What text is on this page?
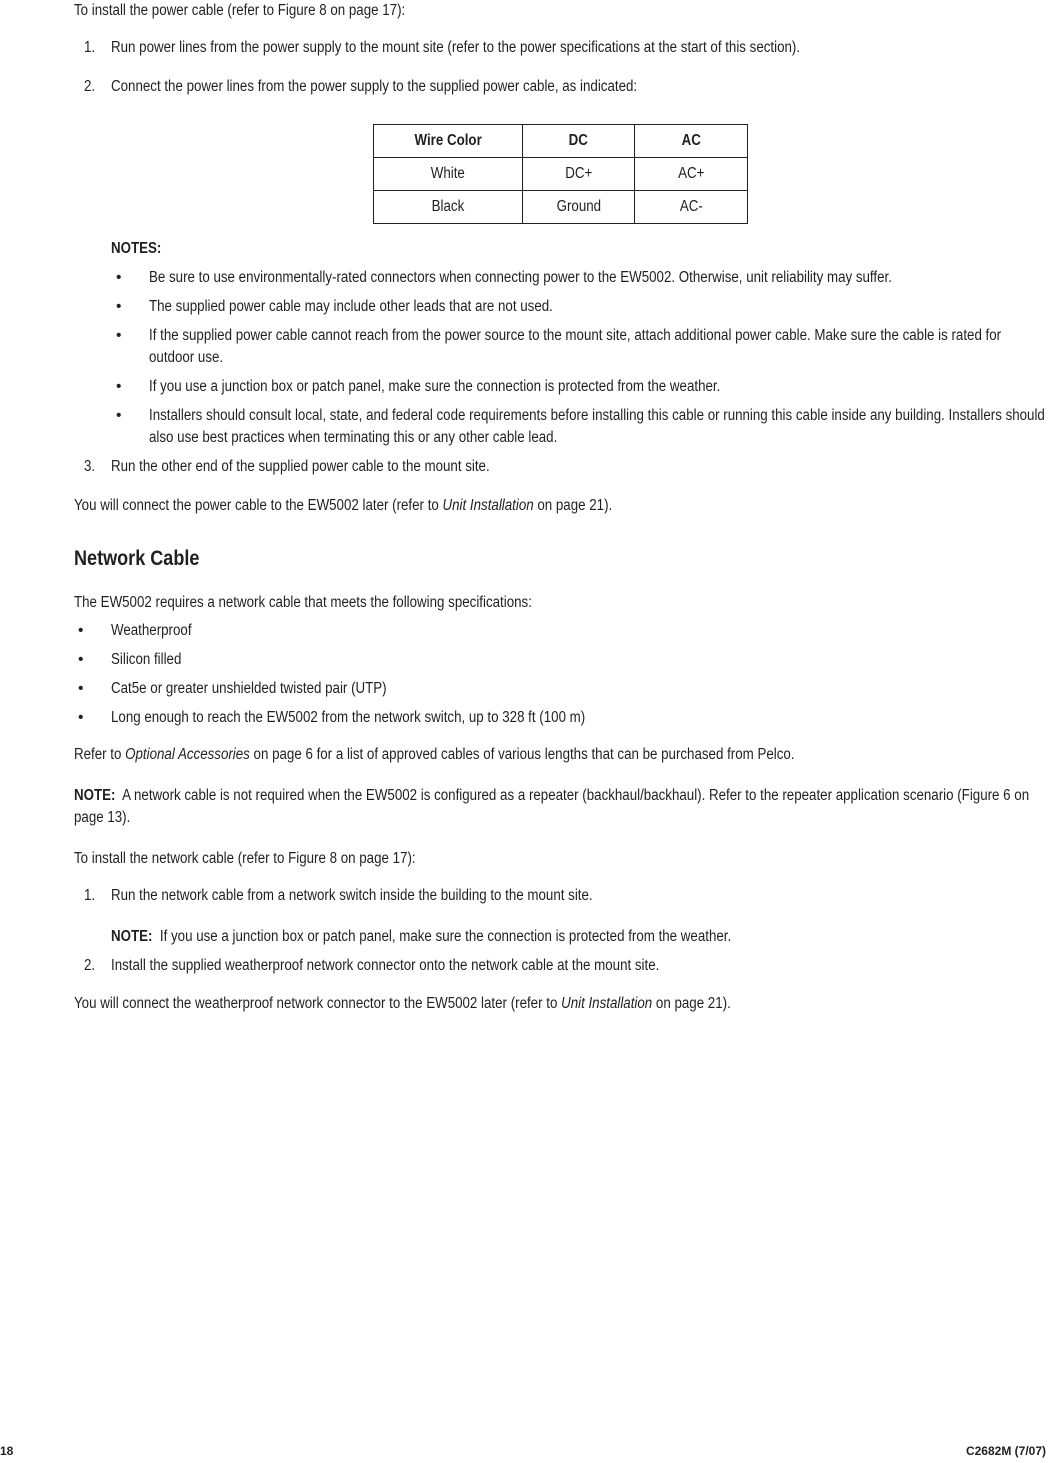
To install the power cable (refer to Figure 8 on page 17):
1. Run power lines from the power supply to the mount site (refer to the power specifications at the start of this section).
2. Connect the power lines from the power supply to the supplied power cable, as indicated:
Wire Color	DC	AC
White	DC+	AC+
Black	Ground	AC-
NOTES:
• Be sure to use environmentally-rated connectors when connecting power to the EW5002. Otherwise, unit reliability may suffer.
• The supplied power cable may include other leads that are not used.
• If the supplied power cable cannot reach from the power source to the mount site, attach additional power cable. Make sure the cable is rated for outdoor use.
• If you use a junction box or patch panel, make sure the connection is protected from the weather.
• Installers should consult local, state, and federal code requirements before installing this cable or running this cable inside any building. Installers should also use best practices when terminating this or any other cable lead.
3. Run the other end of the supplied power cable to the mount site.
You will connect the power cable to the EW5002 later (refer to Unit Installation on page 21).
Network Cable
The EW5002 requires a network cable that meets the following specifications:
• Weatherproof
• Silicon filled
• Cat5e or greater unshielded twisted pair (UTP)
• Long enough to reach the EW5002 from the network switch, up to 328 ft (100 m)
Refer to Optional Accessories on page 6 for a list of approved cables of various lengths that can be purchased from Pelco.
NOTE: A network cable is not required when the EW5002 is configured as a repeater (backhaul/backhaul). Refer to the repeater application scenario (Figure 6 on page 13).
To install the network cable (refer to Figure 8 on page 17):
1. Run the network cable from a network switch inside the building to the mount site.
NOTE: If you use a junction box or patch panel, make sure the connection is protected from the weather.
2. Install the supplied weatherproof network connector onto the network cable at the mount site.
You will connect the weatherproof network connector to the EW5002 later (refer to Unit Installation on page 21).
18	C2682M (7/07)
